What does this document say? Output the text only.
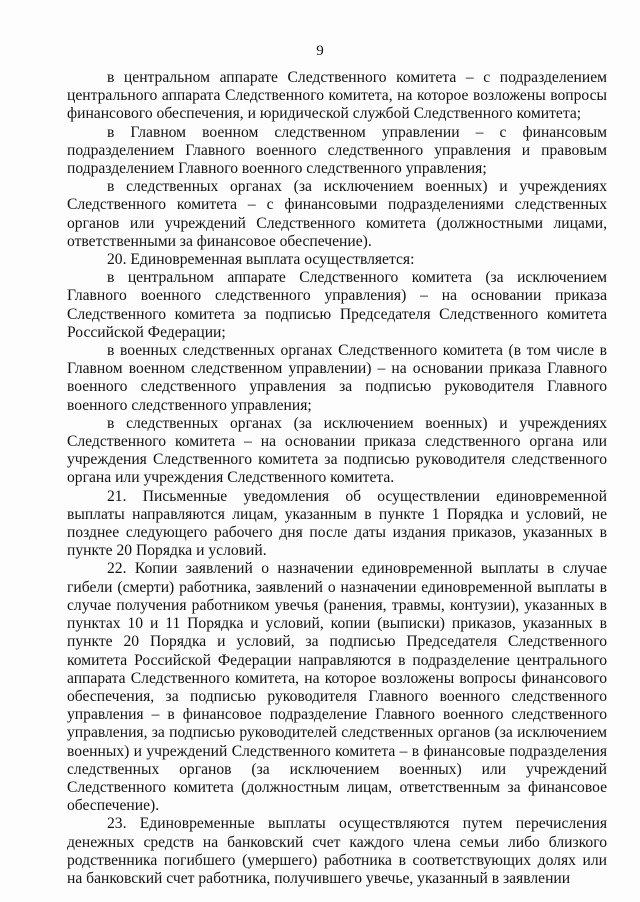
9

в центральном аппарате Следственного комитета – с подразделением центрального аппарата Следственного комитета, на которое возложены вопросы финансового обеспечения, и юридической службой Следственного комитета;

в Главном военном следственном управлении – с финансовым подразделением Главного военного следственного управления и правовым подразделением Главного военного следственного управления;

в следственных органах (за исключением военных) и учреждениях Следственного комитета – с финансовыми подразделениями следственных органов или учреждений Следственного комитета (должностными лицами, ответственными за финансовое обеспечение).

20. Единовременная выплата осуществляется:

в центральном аппарате Следственного комитета (за исключением Главного военного следственного управления) – на основании приказа Следственного комитета за подписью Председателя Следственного комитета Российской Федерации;

в военных следственных органах Следственного комитета (в том числе в Главном военном следственном управлении) – на основании приказа Главного военного следственного управления за подписью руководителя Главного военного следственного управления;

в следственных органах (за исключением военных) и учреждениях Следственного комитета – на основании приказа следственного органа или учреждения Следственного комитета за подписью руководителя следственного органа или учреждения Следственного комитета.

21. Письменные уведомления об осуществлении единовременной выплаты направляются лицам, указанным в пункте 1 Порядка и условий, не позднее следующего рабочего дня после даты издания приказов, указанных в пункте 20 Порядка и условий.

22. Копии заявлений о назначении единовременной выплаты в случае гибели (смерти) работника, заявлений о назначении единовременной выплаты в случае получения работником увечья (ранения, травмы, контузии), указанных в пунктах 10 и 11 Порядка и условий, копии (выписки) приказов, указанных в пункте 20 Порядка и условий, за подписью Председателя Следственного комитета Российской Федерации направляются в подразделение центрального аппарата Следственного комитета, на которое возложены вопросы финансового обеспечения, за подписью руководителя Главного военного следственного управления – в финансовое подразделение Главного военного следственного управления, за подписью руководителей следственных органов (за исключением военных) и учреждений Следственного комитета – в финансовые подразделения следственных органов (за исключением военных) или учреждений Следственного комитета (должностным лицам, ответственным за финансовое обеспечение).

23. Единовременные выплаты осуществляются путем перечисления денежных средств на банковский счет каждого члена семьи либо близкого родственника погибшего (умершего) работника в соответствующих долях или на банковский счет работника, получившего увечье, указанный в заявлении
